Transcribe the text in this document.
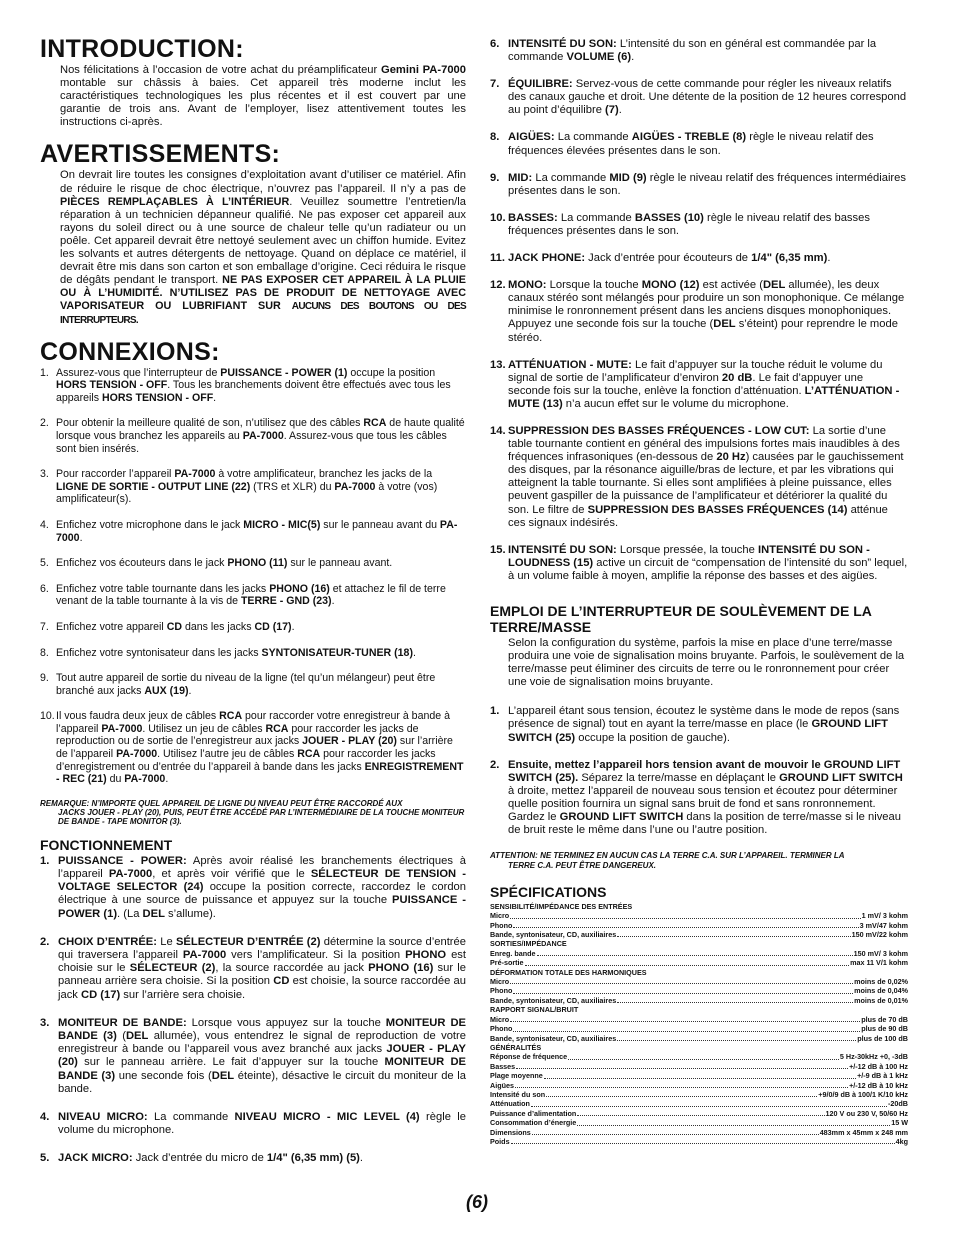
INTRODUCTION:

Nos félicitations à l’occasion de votre achat du préamplificateur Gemini PA-7000 montable sur châssis à baies. Cet appareil très moderne inclut les caractéristiques technologiques les plus récentes et il est couvert par une garantie de trois ans. Avant de l’employer, lisez attentivement toutes les instructions ci-après.

AVERTISSEMENTS:

On devrait lire toutes les consignes d’exploitation avant d’utiliser ce matériel. Afin de réduire le risque de choc électrique, n’ouvrez pas l’appareil. Il n’y a pas de PIÈCES REMPLAÇABLES À L’INTÉRIEUR. Veuillez soumettre l’entretien/la réparation à un technicien dépanneur qualifié. Ne pas exposer cet appareil aux rayons du soleil direct ou à une source de chaleur telle qu’un radiateur ou un poêle. Cet appareil devrait être nettoyé seulement avec un chiffon humide. Evitez les solvants et autres détergents de nettoyage. Quand on déplace ce matériel, il devrait être mis dans son carton et son emballage d’origine. Ceci réduira le risque de dégâts pendant le transport. NE PAS EXPOSER CET APPAREIL À LA PLUIE OU À L’HUMIDITÉ. N’UTILISEZ PAS DE PRODUIT DE NETTOYAGE AVEC VAPORISATEUR OU LUBRIFIANT SUR AUCUNS DES BOUTONS OU DES INTERRUPTEURS.

CONNEXIONS:
1. Assurez-vous que l’interrupteur de PUISSANCE - POWER (1) occupe la position HORS TENSION - OFF. Tous les branchements doivent être effectués avec tous les appareils HORS TENSION - OFF.
2. Pour obtenir la meilleure qualité de son, n’utilisez que des câbles RCA de haute qualité lorsque vous branchez les appareils au PA-7000. Assurez-vous que tous les câbles sont bien insérés.
3. Pour raccorder l’appareil PA-7000 à votre amplificateur, branchez les jacks de la LIGNE DE SORTIE - OUTPUT LINE (22) (TRS et XLR) du PA-7000 à votre (vos) amplificateur(s).
4. Enfichez votre microphone dans le jack MICRO - MIC(5) sur le panneau avant du PA-7000.
5. Enfichez vos écouteurs dans le jack PHONO (11) sur le panneau avant.
6. Enfichez votre table tournante dans les jacks PHONO (16) et attachez le fil de terre venant de la table tournante à la vis de TERRE - GND (23).
7. Enfichez votre appareil CD dans les jacks CD (17).
8. Enfichez votre syntonisateur dans les jacks SYNTONISATEUR-TUNER (18).
9. Tout autre appareil de sortie du niveau de la ligne (tel qu’un mélangeur) peut être branché aux jacks AUX (19).
10. Il vous faudra deux jeux de câbles RCA pour raccorder votre enregistreur à bande à l’appareil PA-7000. Utilisez un jeu de câbles RCA pour raccorder les jacks de reproduction ou de sortie de l’enregistreur aux jacks JOUER - PLAY (20) sur l’arrière de l’appareil PA-7000. Utilisez l’autre jeu de câbles RCA pour raccorder les jacks d’enregistrement ou d’entrée du l’appareil à bande dans les jacks ENREGISTREMENT - REC (21) du PA-7000.
REMARQUE: N’IMPORTE QUEL APPAREIL DE LIGNE DU NIVEAU PEUT ÊTRE RACCORDÉ AUX
JACKS JOUER - PLAY (20), PUIS, PEUT ÊTRE ACCÉDÉ PAR L’INTERMÉDIAIRE DE LA TOUCHE MONITEUR DE BANDE - TAPE MONITOR (3).
FONCTIONNEMENT
1. PUISSANCE - POWER: Après avoir réalisé les branchements électriques à l’appareil PA-7000, et après voir vérifié que le SÉLECTEUR DE TENSION - VOLTAGE SELECTOR (24) occupe la position correcte, raccordez le cordon électrique à une source de puissance et appuyez sur la touche PUISSANCE - POWER (1). (La DEL s’allume).
2. CHOIX D’ENTRÉE: Le SÉLECTEUR D’ENTRÉE (2) détermine la source d’entrée qui traversera l’appareil PA-7000 vers l’amplificateur. Si la position PHONO est choisie sur le SÉLECTEUR (2), la source raccordée au jack PHONO (16) sur le panneau arrière sera choisie. Si la position CD est choisie, la source raccordée au jack CD (17) sur l’arrière sera choisie.
3. MONITEUR DE BANDE: Lorsque vous appuyez sur la touche MONITEUR DE BANDE (3) (DEL allumée), vous entendrez le signal de reproduction de votre enregistreur à bande ou l’appareil vous avez branché aux jacks JOUER - PLAY (20) sur le panneau arrière. Le fait d’appuyer sur la touche MONITEUR DE BANDE (3) une seconde fois (DEL éteinte), désactive le circuit du moniteur de la bande.
4. NIVEAU MICRO: La commande NIVEAU MICRO - MIC LEVEL (4) règle le volume du microphone.
5. JACK MICRO: Jack d’entrée du micro de 1/4" (6,35 mm) (5).
6. INTENSITÉ DU SON: L’intensité du son en général est commandée par la commande VOLUME (6).
7. ÉQUILIBRE: Servez-vous de cette commande pour régler les niveaux relatifs des canaux gauche et droit. Une détente de la position de 12 heures correspond au point d’équilibre (7).
8. AIGÜES: La commande AIGÜES - TREBLE (8) règle le niveau relatif des fréquences élevées présentes dans le son.
9. MID: La commande MID (9) règle le niveau relatif des fréquences intermédiaires présentes dans le son.
10. BASSES: La commande BASSES (10) règle le niveau relatif des basses fréquences présentes dans le son.
11. JACK PHONE: Jack d’entrée pour écouteurs de 1/4" (6,35 mm).
12. MONO: Lorsque la touche MONO (12) est activée (DEL allumée), les deux canaux stéréo sont mélangés pour produire un son monophonique. Ce mélange minimise le ronronnement présent dans les anciens disques monophoniques. Appuyez une seconde fois sur la touche (DEL s’éteint) pour reprendre le mode stéréo.
13. ATTÉNUATION - MUTE: Le fait d’appuyer sur la touche réduit le volume du signal de sortie de l’amplificateur d’environ 20 dB. Le fait d’appuyer une seconde fois sur la touche, enlève la fonction d’atténuation. L’ATTÉNUATION - MUTE (13) n’a aucun effet sur le volume du microphone.
14. SUPPRESSION DES BASSES FRÉQUENCES - LOW CUT: La sortie d’une table tournante contient en général des impulsions fortes mais inaudibles à des fréquences infrasoniques (en-dessous de 20 Hz) causées par le gauchissement des disques, par la résonance aiguille/bras de lecture, et par les vibrations qui atteignent la table tournante. Si elles sont amplifiées à pleine puissance, elles peuvent gaspiller de la puissance de l’amplificateur et détériorer la qualité du son. Le filtre de SUPPRESSION DES BASSES FRÉQUENCES (14) atténue ces signaux indésirés.
15. INTENSITÉ DU SON: Lorsque pressée, la touche INTENSITÉ DU SON - LOUDNESS (15) active un circuit de “compensation de l’intensité du son” lequel, à un volume faible à moyen, amplifie la réponse des basses et des aigües.
EMPLOI DE L’INTERRUPTEUR DE SOULÈVEMENT DE LA TERRE/MASSE

Selon la configuration du système, parfois la mise en place d’une terre/masse produira une voie de signalisation moins bruyante. Parfois, le soulèvement de la terre/masse peut éliminer des circuits de terre ou le ronronnement pour créer une voie de signalisation moins bruyante.

1. L’appareil étant sous tension, écoutez le système dans le mode de repos (sans présence de signal) tout en ayant la terre/masse en place (le GROUND LIFT SWITCH (25) occupe la position de gauche).
2. Ensuite, mettez l’appareil hors tension avant de mouvoir le GROUND LIFT SWITCH (25). Séparez la terre/masse en déplaçant le GROUND LIFT SWITCH à droite, mettez l’appareil de nouveau sous tension et écoutez pour déterminer quelle position fournira un signal sans bruit de fond et sans ronronnement. Gardez le GROUND LIFT SWITCH dans la position de terre/masse si le niveau de bruit reste le même dans l’une ou l’autre position.
ATTENTION: NE TERMINEZ EN AUCUN CAS LA TERRE C.A. SUR L’APPAREIL. TERMINER LA
TERRE C.A. PEUT ÊTRE DANGEREUX.
SPÉCIFICATIONS
SENSIBILITÉ/IMPÉDANCE DES ENTRÉES
Micro	1 mV/ 3 kohm
Phono	3 mV/47 kohm
Bande, syntonisateur, CD, auxiliaires	150 mV/22 kohm
SORTIES/IMPÉDANCE
Enreg. bande	150 mV/ 3 kohm
Pré-sortie	max 11 V/1 kohm
DÉFORMATION TOTALE DES HARMONIQUES
Micro	moins de 0,02%
Phono	moins de 0,04%
Bande, syntonisateur, CD, auxiliaires	moins de 0,01%
RAPPORT SIGNAL/BRUIT
Micro	plus de 70 dB
Phono	plus de 90 dB
Bande, syntonisateur, CD, auxiliaires	plus de 100 dB
GÉNÉRALITÉS
Réponse de fréquence	5 Hz-30kHz +0, -3dB
Basses	+/-12 dB à 100 Hz
Plage moyenne	+/-9 dB à 1 kHz
Aigües	+/-12 dB à 10 kHz
Intensité du son	+9/0/9 dB à 100/1 K/10 kHz
Atténuation	-20dB
Puissance d’alimentation	120 V ou 230 V, 50/60 Hz
Consommation d’énergie	15 W
Dimensions	483mm x 45mm x 248 mm
Poids	4kg
(6)
